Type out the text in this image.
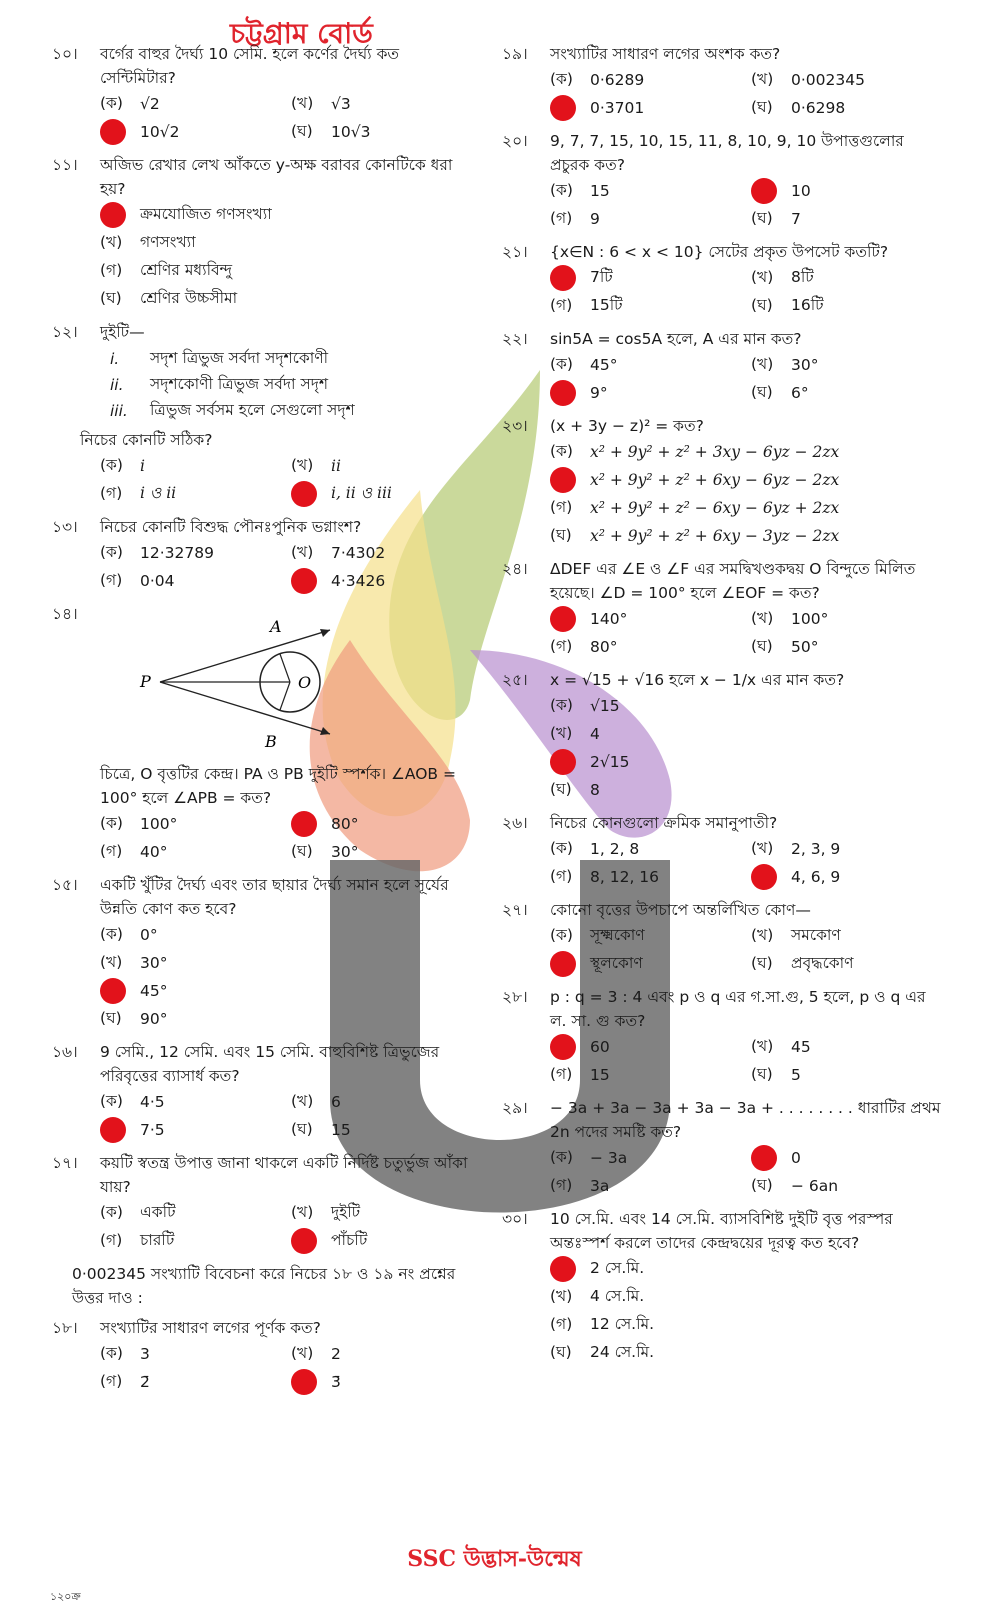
চট্টগ্রাম বোর্ড
১০।	বর্গের বাহুর দৈর্ঘ্য 10 সেমি. হলে কর্ণের দৈর্ঘ্য কত সেন্টিমিটার?
(ক)	√2	(খ)	√3
10√2	(ঘ)	10√3
১১।	অজিভ রেখার লেখ আঁকতে y-অক্ষ বরাবর কোনটিকে ধরা হয়?
ক্রমযোজিত গণসংখ্যা
(খ)	গণসংখ্যা
(গ)	শ্রেণির মধ্যবিন্দু
(ঘ)	শ্রেণির উচ্চসীমা
১২।	দুইটি—
i.	সদৃশ ত্রিভুজ সর্বদা সদৃশকোণী
ii.	সদৃশকোণী ত্রিভুজ সর্বদা সদৃশ
iii.	ত্রিভুজ সর্বসম হলে সেগুলো সদৃশ
নিচের কোনটি সঠিক?
(ক)	i	(খ)	ii
(গ)	i ও ii	i, ii ও iii
১৩।	নিচের কোনটি বিশুদ্ধ পৌনঃপুনিক ভগ্নাংশ?
(ক)	12·32789	(খ)	7·4302
(গ)	0·04	4·3426
১৪।
P
A
O
B
চিত্রে, O বৃত্তটির কেন্দ্র। PA ও PB দুইটি স্পর্শক। ∠AOB = 100° হলে ∠APB = কত?
(ক)	100°	80°
(গ)	40°	(ঘ)	30°
১৫।	একটি খুঁটির দৈর্ঘ্য এবং তার ছায়ার দৈর্ঘ্য সমান হলে সূর্যের উন্নতি কোণ কত হবে?
(ক)	0°
(খ)	30°
45°
(ঘ)	90°
১৬।	9 সেমি., 12 সেমি. এবং 15 সেমি. বাহুবিশিষ্ট ত্রিভুজের পরিবৃত্তের ব্যাসার্ধ কত?
(ক)	4·5	(খ)	6
7·5	(ঘ)	15
১৭।	কয়টি স্বতন্ত্র উপাত্ত জানা থাকলে একটি নির্দিষ্ট চতুর্ভুজ আঁকা যায়?
(ক)	একটি	(খ)	দুইটি
(গ)	চারটি	পাঁচটি
0·002345 সংখ্যাটি বিবেচনা করে নিচের ১৮ ও ১৯ নং প্রশ্নের উত্তর দাও :
১৮।	সংখ্যাটির সাধারণ লগের পূর্ণক কত?
(ক)	3	(খ)	2
(গ)	2̄	3̄
১৯।	সংখ্যাটির সাধারণ লগের অংশক কত?
(ক)	0·6289	(খ)	0·002345
0·3701	(ঘ)	0·6298
২০।	9, 7, 7, 15, 10, 15, 11, 8, 10, 9, 10 উপাত্তগুলোর প্রচুরক কত?
(ক)	15	10
(গ)	9	(ঘ)	7
২১।	{x∈N : 6 < x < 10} সেটের প্রকৃত উপসেট কতটি?
7টি	(খ)	8টি
(গ)	15টি	(ঘ)	16টি
২২।	sin5A = cos5A হলে, A এর মান কত?
(ক)	45°	(খ)	30°
9°	(ঘ)	6°
২৩।	(x + 3y − z)² = কত?
(ক)	x² + 9y² + z² + 3xy − 6yz − 2zx
x² + 9y² + z² + 6xy − 6yz − 2zx
(গ)	x² + 9y² + z² − 6xy − 6yz + 2zx
(ঘ)	x² + 9y² + z² + 6xy − 3yz − 2zx
২৪।	ΔDEF এর ∠E ও ∠F এর সমদ্বিখণ্ডকদ্বয় O বিন্দুতে মিলিত হয়েছে। ∠D = 100° হলে ∠EOF = কত?
140°	(খ)	100°
(গ)	80°	(ঘ)	50°
২৫।	x = √15 + √16 হলে x − 1/x এর মান কত?
(ক)	√15
(খ)	4
2√15
(ঘ)	8
২৬।	নিচের কোনগুলো ক্রমিক সমানুপাতী?
(ক)	1, 2, 8	(খ)	2, 3, 9
(গ)	8, 12, 16	4, 6, 9
২৭।	কোনো বৃত্তের উপচাপে অন্তর্লিখিত কোণ—
(ক)	সূক্ষ্মকোণ	(খ)	সমকোণ
স্থূলকোণ	(ঘ)	প্রবৃদ্ধকোণ
২৮।	p : q = 3 : 4 এবং p ও q এর গ.সা.গু, 5 হলে, p ও q এর ল. সা. গু কত?
60	(খ)	45
(গ)	15	(ঘ)	5
২৯।	− 3a + 3a − 3a + 3a − 3a + . . . . . . . . ধারাটির প্রথম 2n পদের সমষ্টি কত?
(ক)	− 3a	0
(গ)	3a	(ঘ)	− 6an
৩০।	10 সে.মি. এবং 14 সে.মি. ব্যাসবিশিষ্ট দুইটি বৃত্ত পরস্পর অন্তঃস্পর্শ করলে তাদের কেন্দ্রদ্বয়ের দূরত্ব কত হবে?
2 সে.মি.
(খ)	4 সে.মি.
(গ)	12 সে.মি.
(ঘ)	24 সে.মি.
SSC উদ্ভাস-উন্মেষ
১২০ক্র
